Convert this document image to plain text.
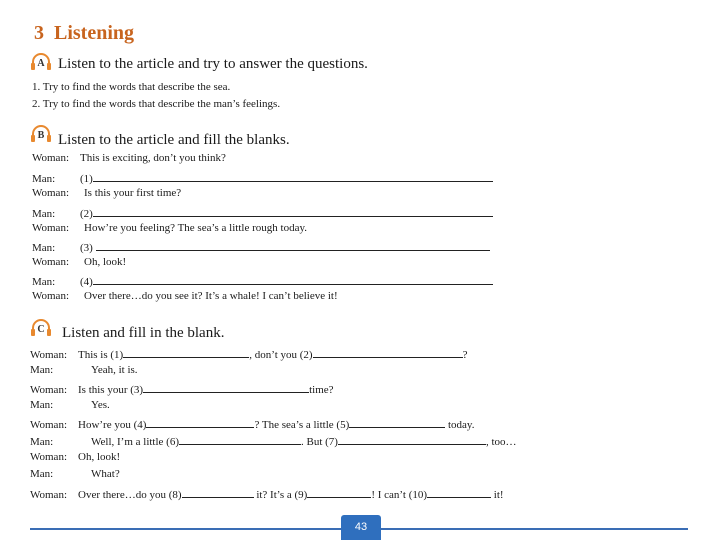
3 Listening
A Listen to the article and try to answer the questions.
1. Try to find the words that describe the sea.
2. Try to find the words that describe the man’s feelings.
B Listen to the article and fill the blanks.
Woman: This is exciting, don’t you think?
Man: (1)
Woman: Is this your first time?
Man: (2)
Woman: How’re you feeling? The sea’s a little rough today.
Man: (3)
Woman: Oh, look!
Man: (4)
Woman: Over there…do you see it? It’s a whale! I can’t believe it!
C	Listen and fill in the blank.
Woman: This is (1)	, don’t you (2)	?
Man:	Yeah, it is.
Woman: Is this your (3)	time?
Man:	Yes.
Woman: How’re you (4)	? The sea’s a little (5)	today.
Man:	Well, I’m a little (6)	. But (7)	, too…
Woman: Oh, look!
Man:	What?
Woman: Over there…do you (8)	it? It’s a (9)	! I can’t (10)	it!
43
